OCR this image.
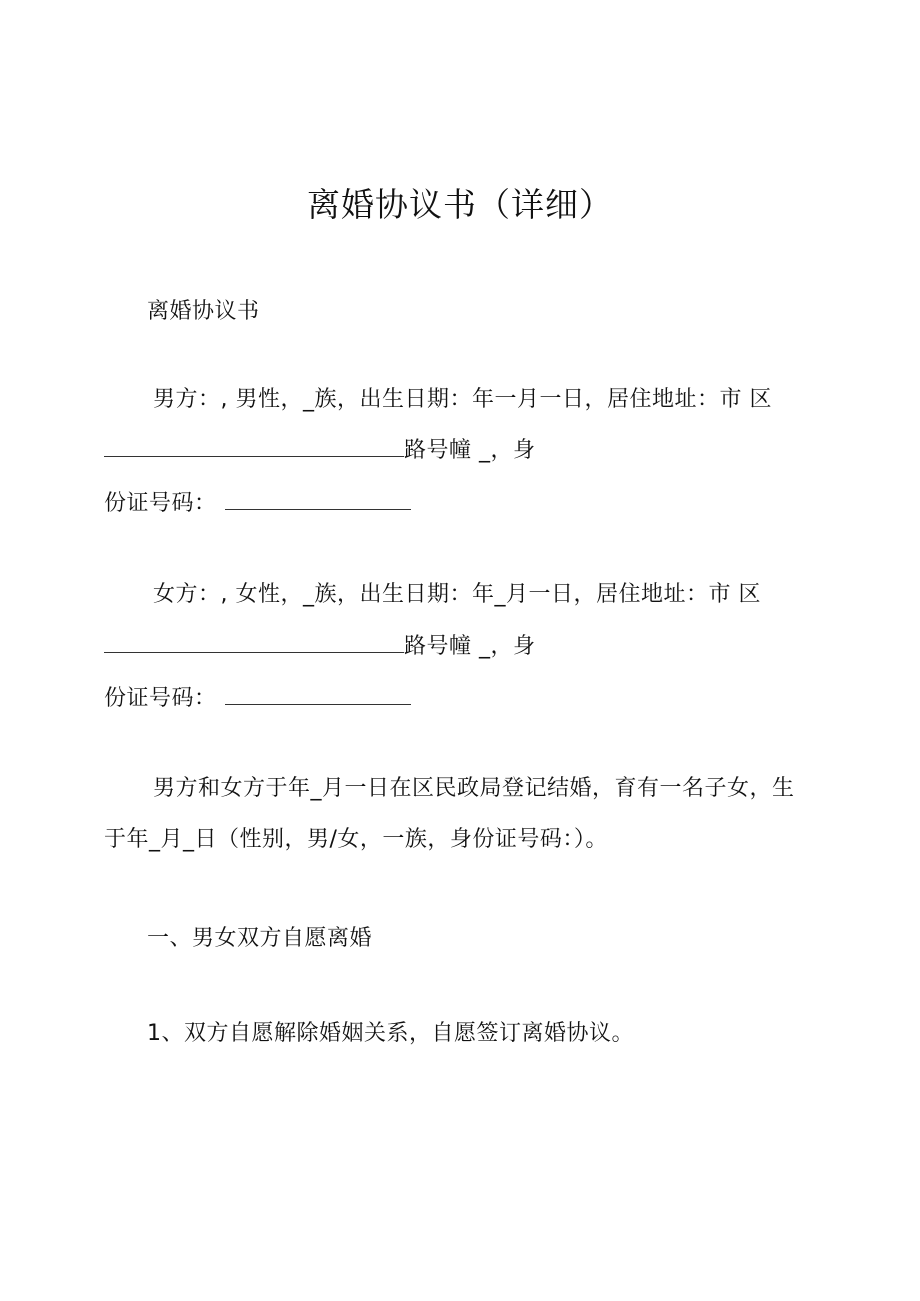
离婚协议书（详细）
离婚协议书
男方：, 男性，_族，出生日期：年一月一日，居住地址：市 区
路号幢 _，身
份证号码：
女方：, 女性，_族，出生日期：年_月一日，居住地址：市 区
路号幢 _，身
份证号码：
男方和女方于年_月一日在区民政局登记结婚，育有一名子女，生
于年_月_日（性别，男/女，一族，身份证号码：）。
一、男女双方自愿离婚
1、双方自愿解除婚姻关系，自愿签订离婚协议。
